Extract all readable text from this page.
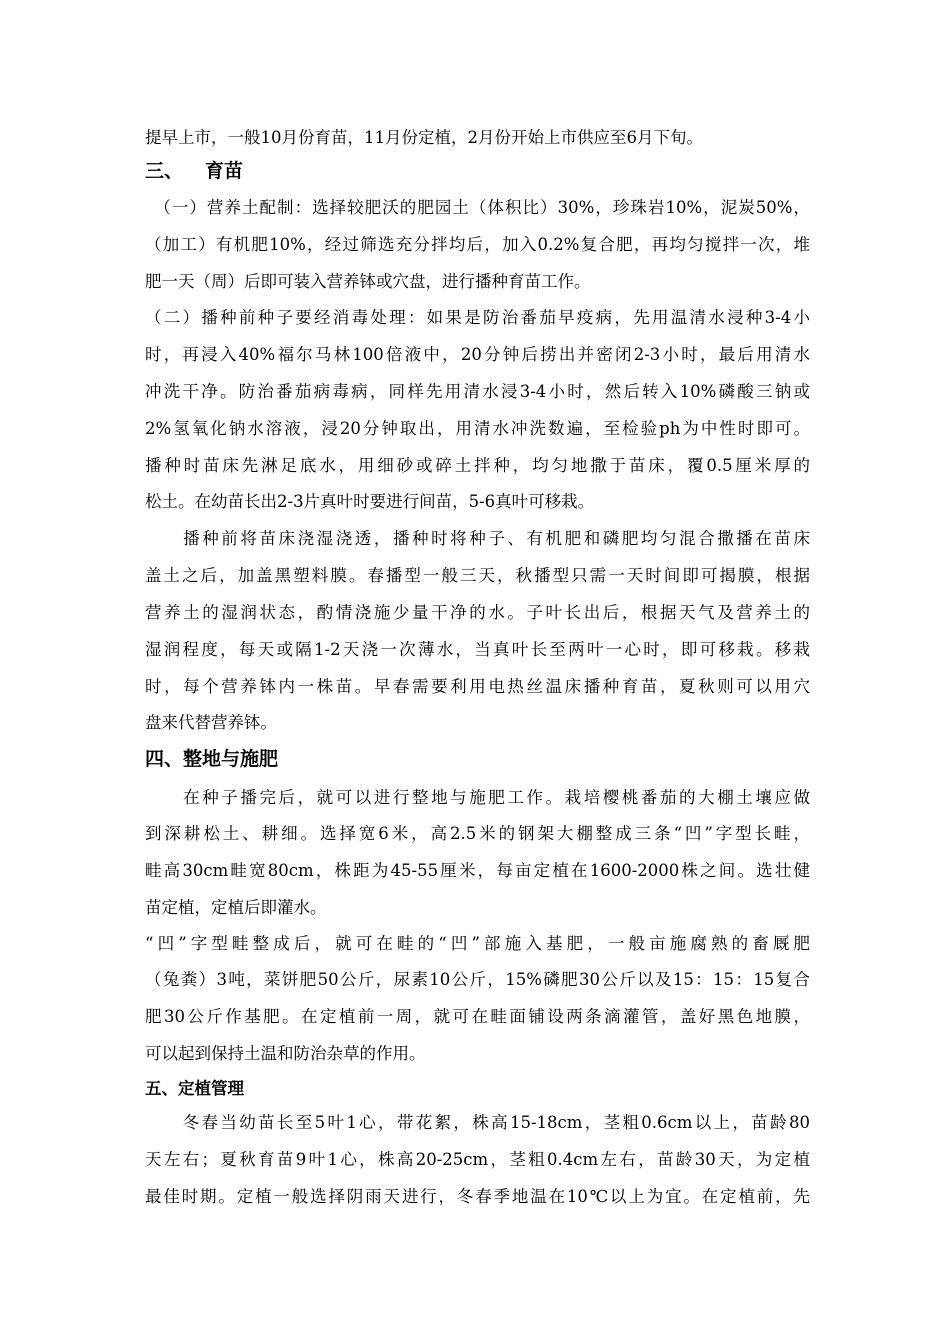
提早上市，一般10月份育苗，11月份定植，2月份开始上市供应至6月下旬。
三、 育苗
　（一）营养土配制：选择较肥沃的肥园土（体积比）30%，珍珠岩10%，泥炭50%，
（加工）有机肥10%，经过筛选充分拌均后，加入0.2%复合肥，再均匀搅拌一次，堆
肥一天（周）后即可装入营养钵或穴盘，进行播种育苗工作。
（二）播种前种子要经消毒处理：如果是防治番茄早疫病，先用温清水浸种3-4小
时，再浸入40%福尔马林100倍液中，20分钟后捞出并密闭2-3小时，最后用清水
冲洗干净。防治番茄病毒病，同样先用清水浸3-4小时，然后转入10%磷酸三钠或
2%氢氧化钠水溶液，浸20分钟取出，用清水冲洗数遍，至检验ph为中性时即可。
播种时苗床先淋足底水，用细砂或碎土拌种，均匀地撒于苗床，覆0.5厘米厚的
松土。在幼苗长出2-3片真叶时要进行间苗，5-6真叶可移栽。
　　播种前将苗床浇湿浇透，播种时将种子、有机肥和磷肥均匀混合撒播在苗床
盖土之后，加盖黑塑料膜。春播型一般三天，秋播型只需一天时间即可揭膜，根据
营养土的湿润状态，酌情浇施少量干净的水。子叶长出后，根据天气及营养土的
湿润程度，每天或隔1-2天浇一次薄水，当真叶长至两叶一心时，即可移栽。移栽
时，每个营养钵内一株苗。早春需要利用电热丝温床播种育苗，夏秋则可以用穴
盘来代替营养钵。
四、整地与施肥
　　在种子播完后，就可以进行整地与施肥工作。栽培樱桃番茄的大棚土壤应做
到深耕松土、耕细。选择宽6米，高2.5米的钢架大棚整成三条“凹”字型长畦，
畦高30cm畦宽80cm，株距为45-55厘米，每亩定植在1600-2000株之间。选壮健
苗定植，定植后即灌水。
“凹”字型畦整成后，就可在畦的“凹”部施入基肥，一般亩施腐熟的畜厩肥
（兔粪）3吨，菜饼肥50公斤，尿素10公斤，15%磷肥30公斤以及15：15：15复合
肥30公斤作基肥。在定植前一周，就可在畦面铺设两条滴灌管，盖好黑色地膜，
可以起到保持土温和防治杂草的作用。
五、定植管理
　　冬春当幼苗长至5叶1心，带花絮，株高15-18cm，茎粗0.6cm以上，苗龄80
天左右；夏秋育苗9叶1心，株高20-25cm，茎粗0.4cm左右，苗龄30天，为定植
最佳时期。定植一般选择阴雨天进行，冬春季地温在10℃以上为宜。在定植前，先
